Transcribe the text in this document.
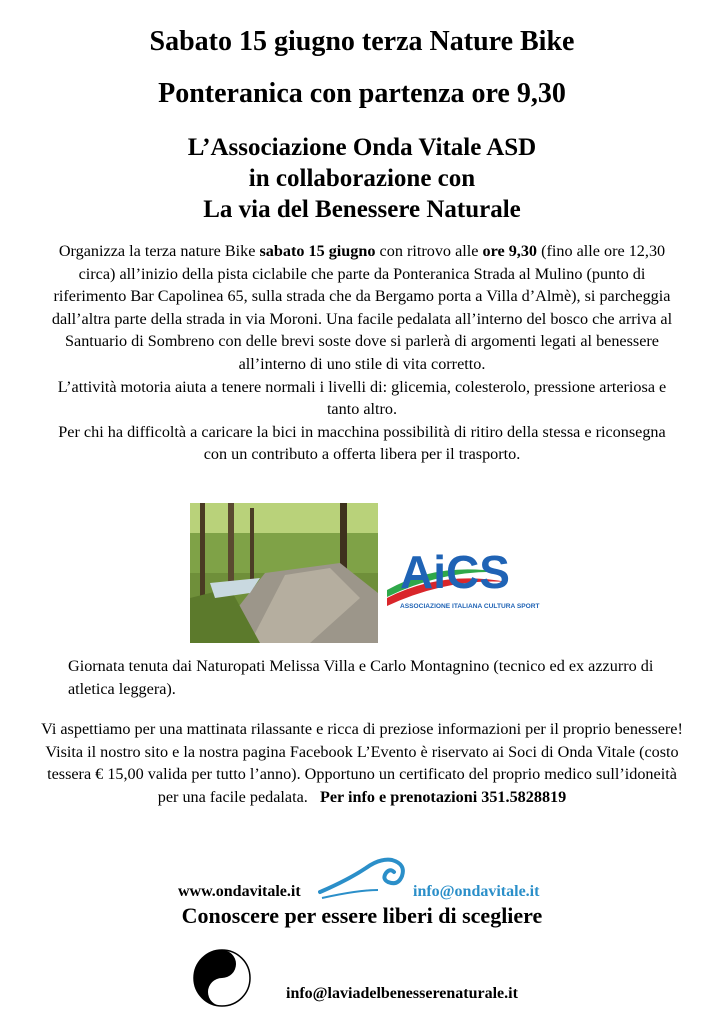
Sabato 15 giugno terza Nature Bike
Ponteranica con partenza ore 9,30
L’Associazione Onda Vitale ASD
in collaborazione con
La via del Benessere Naturale
Organizza la terza nature Bike sabato 15 giugno con ritrovo alle ore 9,30 (fino alle ore 12,30 circa) all’inizio della pista ciclabile che parte da Ponteranica Strada al Mulino (punto di riferimento Bar Capolinea 65, sulla strada che da Bergamo porta a Villa d’Almè), si parcheggia dall’altra parte della strada in via Moroni. Una facile pedalata all’interno del bosco che arriva al Santuario di Sombreno con delle brevi soste dove si parlerà di argomenti legati al benessere all’interno di uno stile di vita corretto.
L’attività motoria aiuta a tenere normali i livelli di: glicemia, colesterolo, pressione arteriosa e tanto altro.
Per chi ha difficoltà a caricare la bici in macchina possibilità di ritiro della stessa e riconsegna con un contributo a offerta libera per il trasporto.
AiCS
ASSOCIAZIONE ITALIANA CULTURA SPORT
Giornata tenuta dai Naturopati Melissa Villa e Carlo Montagnino (tecnico ed ex azzurro di atletica leggera).
Vi aspettiamo per una mattinata rilassante e ricca di preziose informazioni per il proprio benessere! Visita il nostro sito e la nostra pagina Facebook L’Evento è riservato ai Soci di Onda Vitale (costo tessera € 15,00 valida per tutto l’anno). Opportuno un certificato del proprio medico sull’idoneità per una facile pedalata. Per info e prenotazioni 351.5828819
www.ondavitale.it	info@ondavitale.it
Conoscere per essere liberi di scegliere
info@laviadelbenesserenaturale.it
